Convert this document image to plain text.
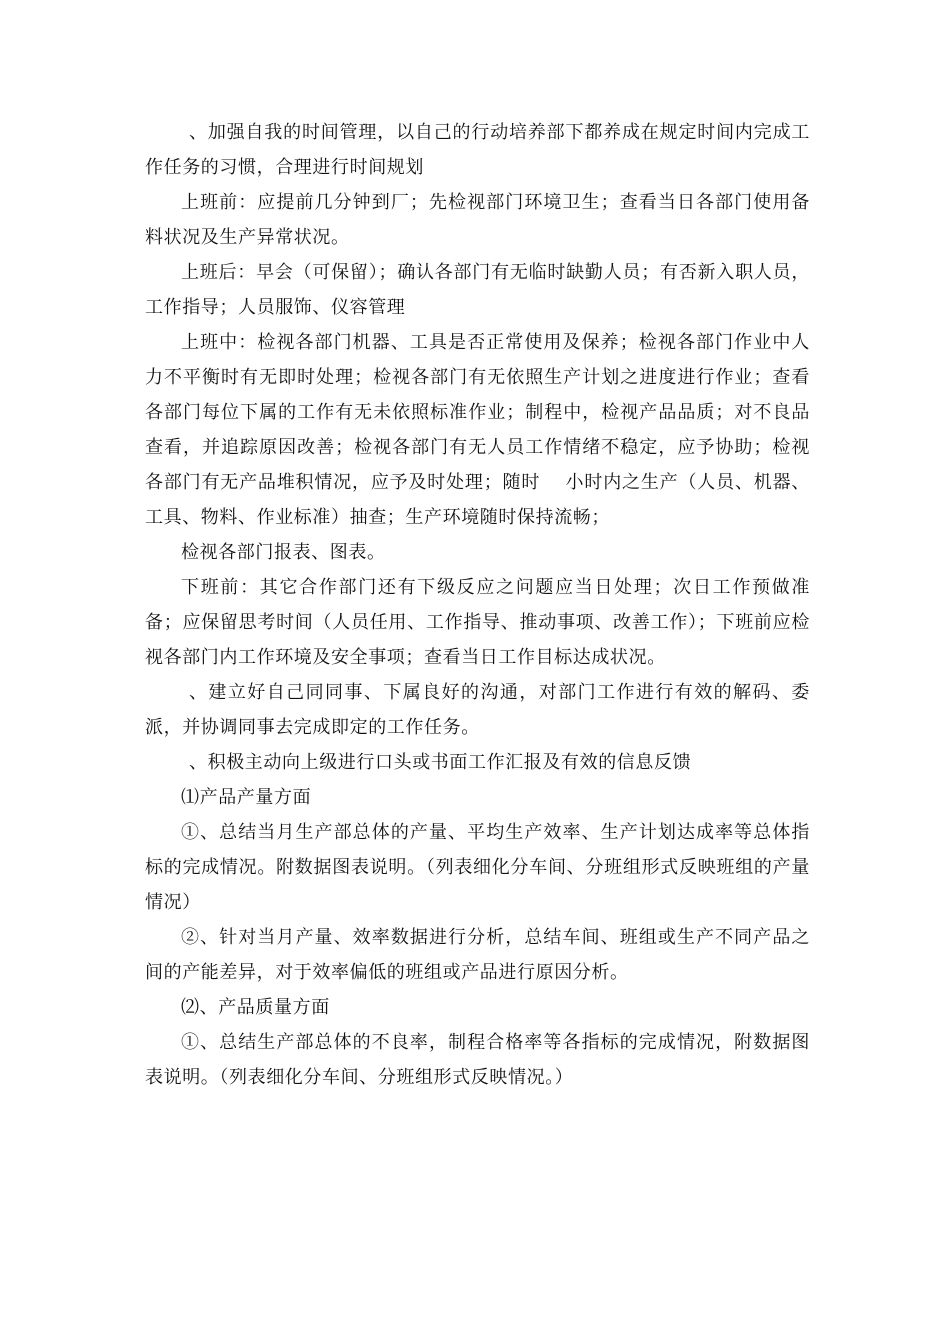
、加强自我的时间管理，以自己的行动培养部下都养成在规定时间内完成工作任务的习惯，合理进行时间规划

上班前：应提前几分钟到厂；先检视部门环境卫生；查看当日各部门使用备料状况及生产异常状况。

上班后：早会（可保留）；确认各部门有无临时缺勤人员；有否新入职人员，工作指导；人员服饰、仪容管理

上班中：检视各部门机器、工具是否正常使用及保养；检视各部门作业中人力不平衡时有无即时处理；检视各部门有无依照生产计划之进度进行作业；查看各部门每位下属的工作有无未依照标准作业；制程中，检视产品品质；对不良品查看，并追踪原因改善；检视各部门有无人员工作情绪不稳定，应予协助；检视各部门有无产品堆积情况，应予及时处理；随时　 小时内之生产（人员、机器、工具、物料、作业标准）抽查；生产环境随时保持流畅；

检视各部门报表、图表。

下班前：其它合作部门还有下级反应之问题应当日处理；次日工作预做准备；应保留思考时间（人员任用、工作指导、推动事项、改善工作）；下班前应检视各部门内工作环境及安全事项；查看当日工作目标达成状况。

、建立好自己同同事、下属良好的沟通，对部门工作进行有效的解码、委派，并协调同事去完成即定的工作任务。

、积极主动向上级进行口头或书面工作汇报及有效的信息反馈

⑴产品产量方面

①、总结当月生产部总体的产量、平均生产效率、生产计划达成率等总体指标的完成情况。附数据图表说明。（列表细化分车间、分班组形式反映班组的产量情况）

②、针对当月产量、效率数据进行分析，总结车间、班组或生产不同产品之间的产能差异，对于效率偏低的班组或产品进行原因分析。

⑵、产品质量方面

①、总结生产部总体的不良率，制程合格率等各指标的完成情况，附数据图表说明。（列表细化分车间、分班组形式反映情况。）
